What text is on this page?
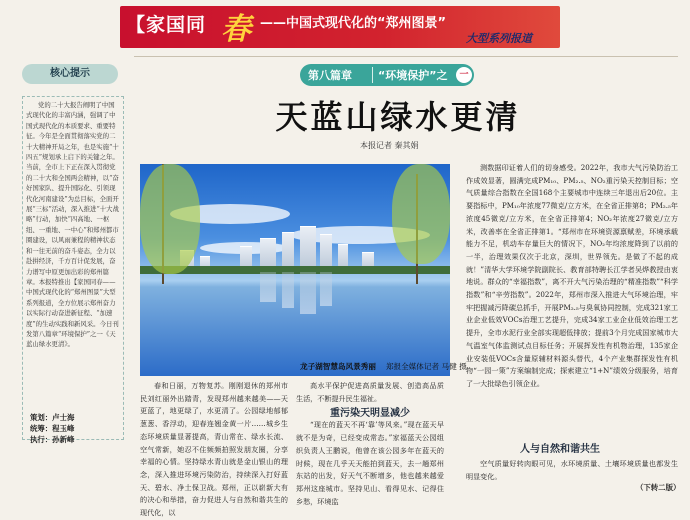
【家国同 春 ——中国式现代化的“郑州图景”
大型系列报道
核心提示
党的二十大报告阐明了中国式现代化的丰富内涵，强调了中国式现代化的本质要求、重要特征。今年是全面贯彻落实党的二十大精神开局之年，也是实施“十四五”规划承上启下的关键之年。当前，全市上下正在深入贯彻党的二十大和全国两会精神，以“奋好国家队、提升国际化、引领现代化河南建设”为总目标，全面开展“三标”活动，深入推进“十大战略”行动，加快“四高地、一枢纽、一重地、一中心”和郑州都市圈建设，以风雨兼程的精神状态和一往无前的奋斗姿态，全力以赴拼经济，千方百计促发展，奋力谱写中原更加出彩的郑州篇章。本报特推出【家国同春——中国式现代化的“郑州图景”大型系列报道，全方位展示郑州奋力以实际行动奋进新征程、“加速度”的生动实践和新风采。今日刊发第八篇章“环境保护”之一《天蓝山绿水更清》。
策划：卢士海
统筹：程玉峰
执行：孙新峰
第八篇章 “环境保护”之	一
天蓝山绿水更清
本报记者 秦其娟
龙子湖智慧岛风景秀丽 郑报全媒体记者 马健 摄

春和日丽，万物复苏。刚刚退休的郑州市民刘红丽外出踏青，发现郑州越来越美——天更蓝了，地更绿了，水更清了。公园绿地郁郁葱葱、香浮动，迎春连翘金黄一片……城乡生态环境质量显著提高，青山常在、绿水长流、空气常新，她忍不住频频拍照发朋友圈，分享幸福的心情。坚持绿水青山就是金山银山的理念，深入推进环境污染防治，持续深入打好蓝天、碧水、净土保卫战。郑州，正以崭新大有的决心和举措，奋力促进人与自然和谐共生的现代化，以

高水平保护促进高质量发展、创造高品质生活，不断提升民生福祉。

“现在的蓝天不再‘靠’等风来。”现在蓝天早就不是为奇，已经变成常态。”家福蓝天公园组织负责人王鹏说，他曾在该公园多年在蓝天的时候，现在几乎天天能拍到蓝天，去一趟郑州东站的出发，好天气不断增多，他也越来越爱郑州这座城市。坚持见山、看得见水、记得住乡愁，环境监

重污染天明显减少

测数据印证着人们的切身感受。2022年，我市大气污染防治工作成效显著，圆满完成PM₁₀、PM₂.₅、NO₂重污染天控制目标；空气质量综合指数在全国168个主要城市中连续三年退出后20位。主要指标中，PM₁₀年浓度77微克/立方米，在全省正排第8；PM₂.₅年浓度45微克/立方米，在全省正排第4；NO₂年浓度27微克/立方米，改善率在全省正排第1。“郑州市在环境资源禀赋差，环境承载能力不足，机动车存量巨大的情况下，NO₂年均浓度降到了以前的一半，治理效果仅次于北京，深圳，世界领先。是做了不起的成就！”清华大学环境学院副院长、教育部特聘长江学者吴烨教授由衷地说。群众的“幸福指数”，离不开大气污染治理的“精准指数”“科学指数”和“辛劳指数”。2022年，郑州市深入推进大气环境治理，牢牢把握减污降碳总抓手，开展PM₂.₅与臭氧协同控制，完成321家工业企业低效VOCs治理工艺提升，完成34家工业企业低效治理工艺提升，全市水泥行业全部实现超低排放；提前3个月完成国家城市大气温室气体监测试点目标任务；开展挥发性有机物治理，135家企业安装低VOCs含量原辅材料源头替代，4个产业集群探发性有机物“一园一策”方案编制完成；探索建立“1+N”绩效分级服务，培育了一大批绿色引领企业。

人与自然和谐共生

空气质量好转肉眼可见，水环境质量、土壤环境质量也都发生明显变化。

（下转二版）
